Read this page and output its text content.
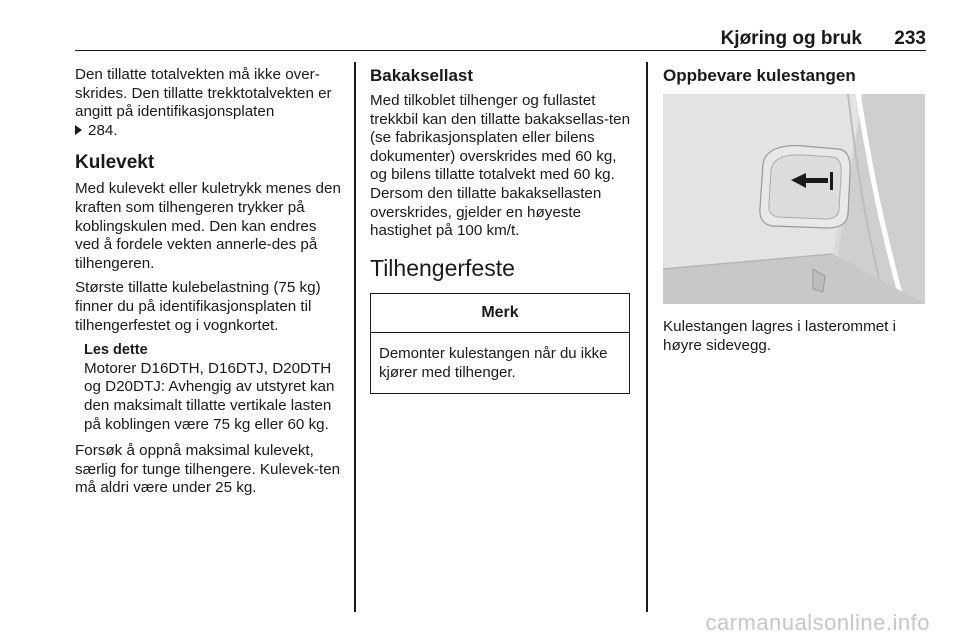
Kjøring og bruk 233

Den tillatte totalvekten må ikke over-skrides. Den tillatte trekktotalvekten er angitt på identifikasjonsplaten
284.

Kulevekt

Med kulevekt eller kuletrykk menes den kraften som tilhengeren trykker på koblingskulen med. Den kan endres ved å fordele vekten annerle-des på tilhengeren.

Største tillatte kulebelastning (75 kg) finner du på identifikasjonsplaten til tilhengerfestet og i vognkortet.

Les dette
Motorer D16DTH, D16DTJ, D20DTH og D20DTJ: Avhengig av utstyret kan den maksimalt tillatte vertikale lasten på koblingen være 75 kg eller 60 kg.

Forsøk å oppnå maksimal kulevekt, særlig for tunge tilhengere. Kulevek-ten må aldri være under 25 kg.

Bakaksellast

Med tilkoblet tilhenger og fullastet trekkbil kan den tillatte bakaksellas-ten (se fabrikasjonsplaten eller bilens dokumenter) overskrides med 60 kg, og bilens tillatte totalvekt med 60 kg. Dersom den tillatte bakaksellasten overskrides, gjelder en høyeste hastighet på 100 km/t.

Tilhengerfeste
Merk
Demonter kulestangen når du ikke kjører med tilhenger.
Oppbevare kulestangen

Kulestangen lagres i lasterommet i høyre sidevegg.

carmanualsonline.info
